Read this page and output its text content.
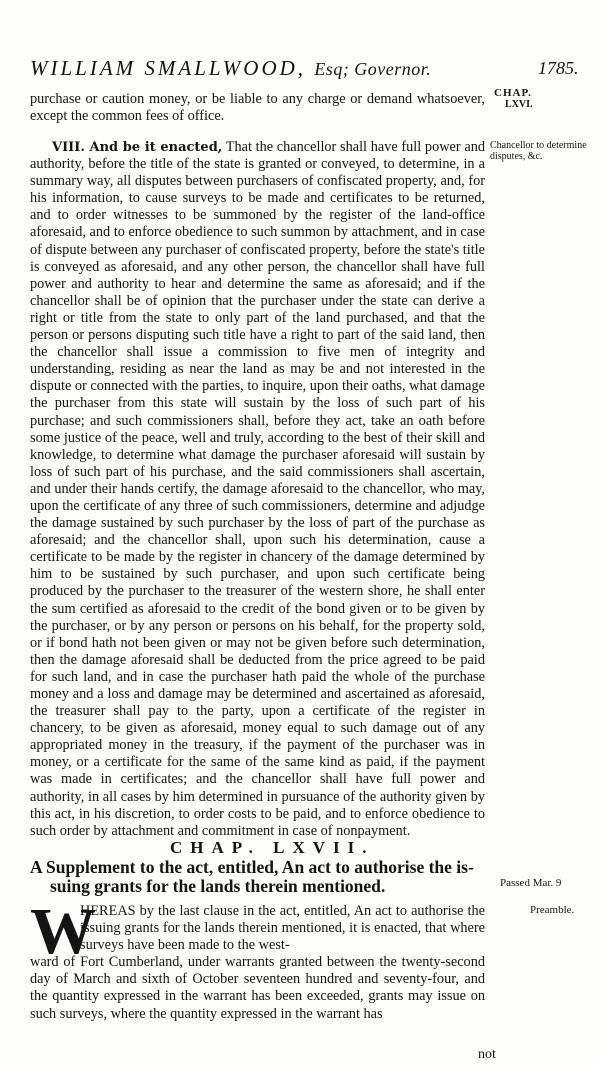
WILLIAM SMALLWOOD, Esq; Governor.	1785.
CHAP.
LXVI.
Chancellor to determine disputes, &c.

purchase or caution money, or be liable to any charge or demand whatsoever, except the common fees of office.

VIII. And be it enacted, That the chancellor shall have full power and authority, before the title of the state is granted or conveyed, to determine, in a summary way, all disputes between purchasers of confiscated property, and, for his information, to cause surveys to be made and certificates to be returned, and to order witnesses to be summoned by the register of the land-office aforesaid, and to enforce obedience to such summon by attachment, and in case of dispute between any purchaser of confiscated property, before the state's title is conveyed as aforesaid, and any other person, the chancellor shall have full power and authority to hear and determine the same as aforesaid; and if the chancellor shall be of opinion that the purchaser under the state can derive a right or title from the state to only part of the land purchased, and that the person or persons disputing such title have a right to part of the said land, then the chancellor shall issue a commission to five men of integrity and understanding, residing as near the land as may be and not interested in the dispute or connected with the parties, to inquire, upon their oaths, what damage the purchaser from this state will sustain by the loss of such part of his purchase; and such commissioners shall, before they act, take an oath before some justice of the peace, well and truly, according to the best of their skill and knowledge, to determine what damage the purchaser aforesaid will sustain by loss of such part of his purchase, and the said commissioners shall ascertain, and under their hands certify, the damage aforesaid to the chancellor, who may, upon the certificate of any three of such commissioners, determine and adjudge the damage sustained by such purchaser by the loss of part of the purchase as aforesaid; and the chancellor shall, upon such his determination, cause a certificate to be made by the register in chancery of the damage determined by him to be sustained by such purchaser, and upon such certificate being produced by the purchaser to the treasurer of the western shore, he shall enter the sum certified as aforesaid to the credit of the bond given or to be given by the purchaser, or by any person or persons on his behalf, for the property sold, or if bond hath not been given or may not be given before such determination, then the damage aforesaid shall be deducted from the price agreed to be paid for such land, and in case the purchaser hath paid the whole of the purchase money and a loss and damage may be determined and ascertained as aforesaid, the treasurer shall pay to the party, upon a certificate of the register in chancery, to be given as aforesaid, money equal to such damage out of any appropriated money in the treasury, if the payment of the purchaser was in money, or a certificate for the same of the same kind as paid, if the payment was made in certificates; and the chancellor shall have full power and authority, in all cases by him determined in pursuance of the authority given by this act, in his discretion, to order costs to be paid, and to enforce obedience to such order by attachment and commitment in case of nonpayment.

CHAP. LXVII.
A Supplement to the act, entitled, An act to authorise the is-
suing grants for the lands therein mentioned.	Passed Mar. 9
Preamble.
W
HEREAS by the last clause in the act, entitled, An act to authorise the issuing grants for the lands therein mentioned, it is enacted, that where surveys have been made to the west-
ward of Fort Cumberland, under warrants granted between the twenty-second day of March and sixth of October seventeen hundred and seventy-four, and the quantity expressed in the warrant has been exceeded, grants may issue on such surveys, where the quantity expressed in the warrant has
not
